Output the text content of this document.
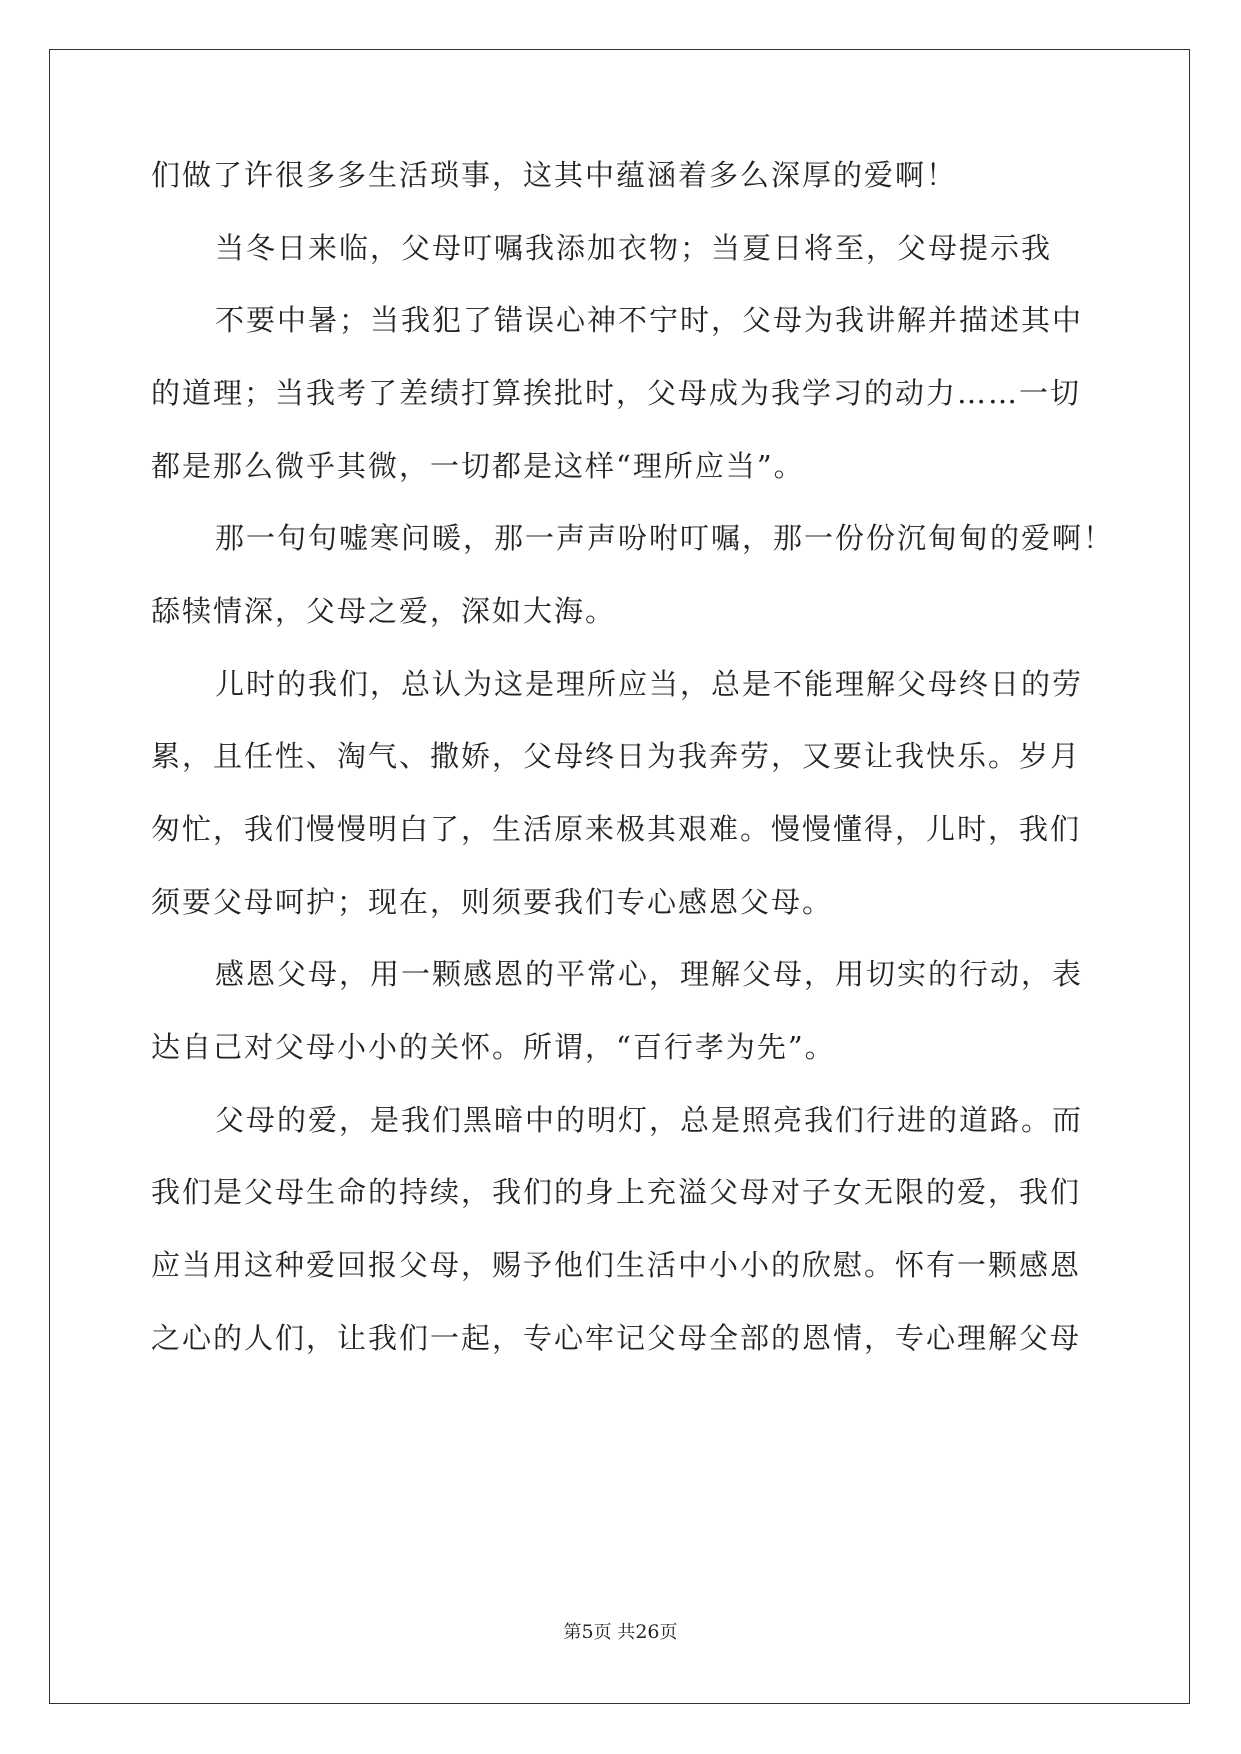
们做了许很多多生活琐事，这其中蕴涵着多么深厚的爱啊！
当冬日来临，父母叮嘱我添加衣物；当夏日将至，父母提示我
不要中暑；当我犯了错误心神不宁时，父母为我讲解并描述其中
的道理；当我考了差绩打算挨批时，父母成为我学习的动力……一切
都是那么微乎其微，一切都是这样“理所应当”。
那一句句嘘寒问暖，那一声声吩咐叮嘱，那一份份沉甸甸的爱啊！
舔犊情深，父母之爱，深如大海。
儿时的我们，总认为这是理所应当，总是不能理解父母终日的劳
累，且任性、淘气、撒娇，父母终日为我奔劳，又要让我快乐。岁月
匆忙，我们慢慢明白了，生活原来极其艰难。慢慢懂得，儿时，我们
须要父母呵护；现在，则须要我们专心感恩父母。
感恩父母，用一颗感恩的平常心，理解父母，用切实的行动，表
达自己对父母小小的关怀。所谓，“百行孝为先”。
父母的爱，是我们黑暗中的明灯，总是照亮我们行进的道路。而
我们是父母生命的持续，我们的身上充溢父母对子女无限的爱，我们
应当用这种爱回报父母，赐予他们生活中小小的欣慰。怀有一颗感恩
之心的人们，让我们一起，专心牢记父母全部的恩情，专心理解父母
第5页 共26页
